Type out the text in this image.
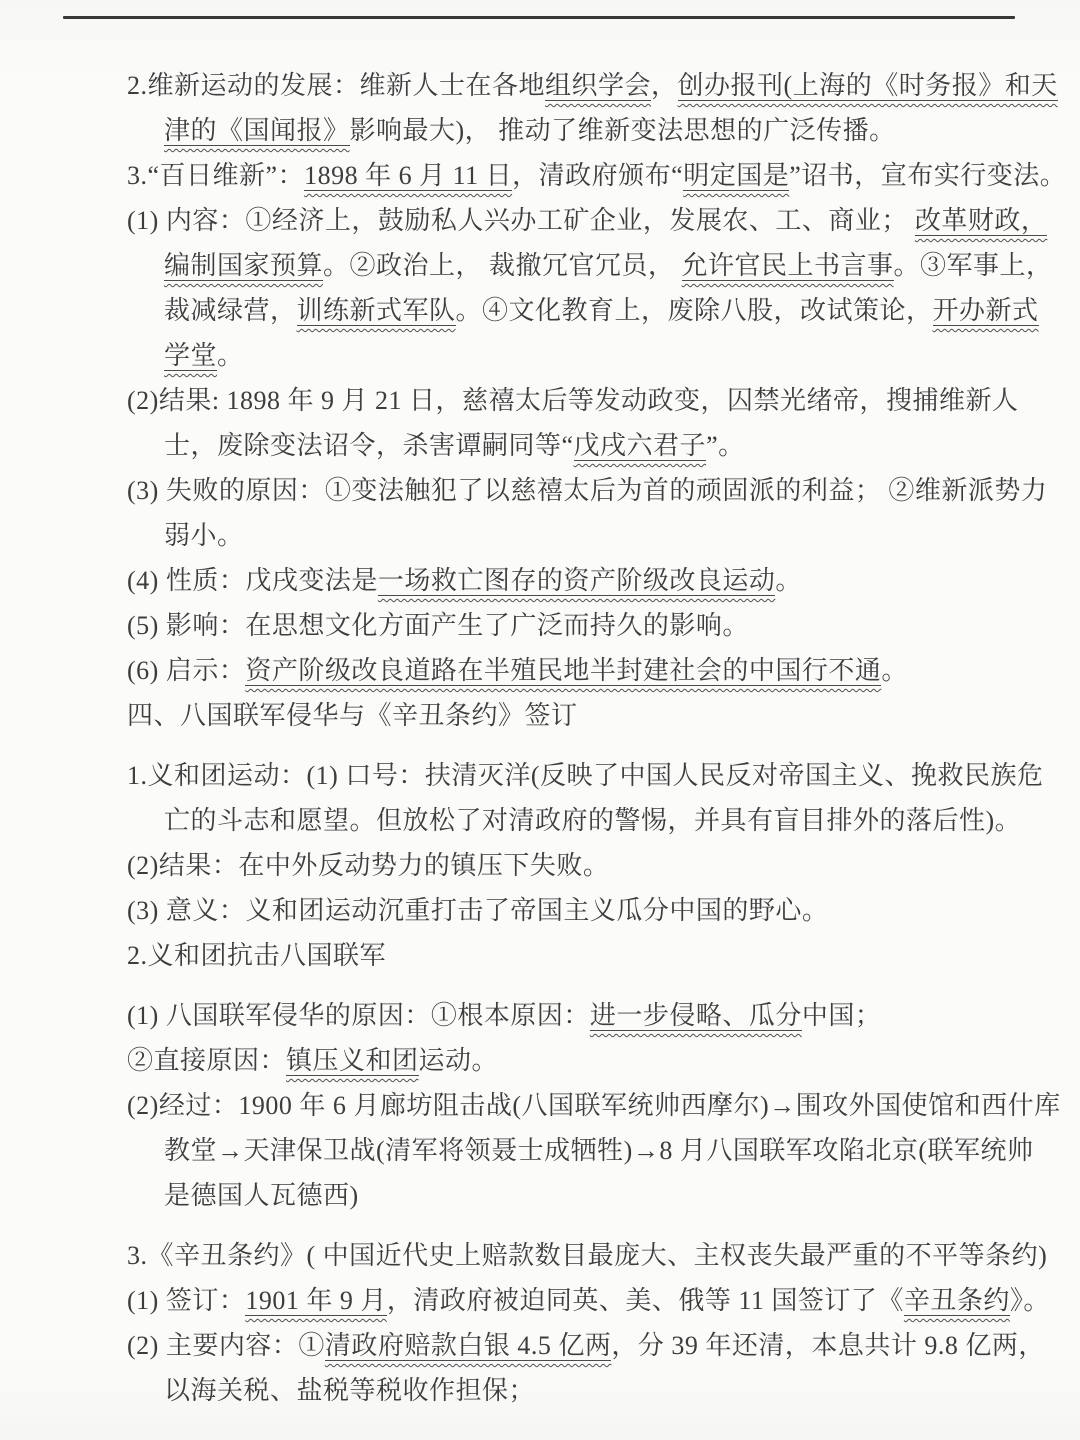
2.维新运动的发展：维新人士在各地组织学会，创办报刊(上海的《时务报》和天
津的《国闻报》影响最大)， 推动了维新变法思想的广泛传播。
3.“百日维新”：1898 年 6 月 11 日，清政府颁布“明定国是”诏书，宣布实行变法。
(1) 内容：①经济上，鼓励私人兴办工矿企业，发展农、工、商业； 改革财政，
编制国家预算。②政治上， 裁撤冗官冗员， 允许官民上书言事。③军事上，
裁减绿营，训练新式军队。④文化教育上，废除八股，改试策论，开办新式
学堂。
(2)结果: 1898 年 9 月 21 日，慈禧太后等发动政变，囚禁光绪帝，搜捕维新人
士，废除变法诏令，杀害谭嗣同等“戊戌六君子”。
(3) 失败的原因：①变法触犯了以慈禧太后为首的顽固派的利益； ②维新派势力
弱小。
(4) 性质：戊戌变法是一场救亡图存的资产阶级改良运动。
(5) 影响：在思想文化方面产生了广泛而持久的影响。
(6) 启示：资产阶级改良道路在半殖民地半封建社会的中国行不通。
四、八国联军侵华与《辛丑条约》签订
1.义和团运动：(1) 口号：扶清灭洋(反映了中国人民反对帝国主义、挽救民族危
亡的斗志和愿望。但放松了对清政府的警惕，并具有盲目排外的落后性)。
(2)结果：在中外反动势力的镇压下失败。
(3) 意义：义和团运动沉重打击了帝国主义瓜分中国的野心。
2.义和团抗击八国联军
(1) 八国联军侵华的原因：①根本原因：进一步侵略、瓜分中国；
②直接原因：镇压义和团运动。
(2)经过：1900 年 6 月廊坊阻击战(八国联军统帅西摩尔)→围攻外国使馆和西什库
教堂→天津保卫战(清军将领聂士成牺牲)→8 月八国联军攻陷北京(联军统帅
是德国人瓦德西)
3.《辛丑条约》( 中国近代史上赔款数目最庞大、主权丧失最严重的不平等条约)
(1) 签订：1901 年 9 月，清政府被迫同英、美、俄等 11 国签订了《辛丑条约》。
(2) 主要内容：①清政府赔款白银 4.5 亿两，分 39 年还清，本息共计 9.8 亿两，
以海关税、盐税等税收作担保；
